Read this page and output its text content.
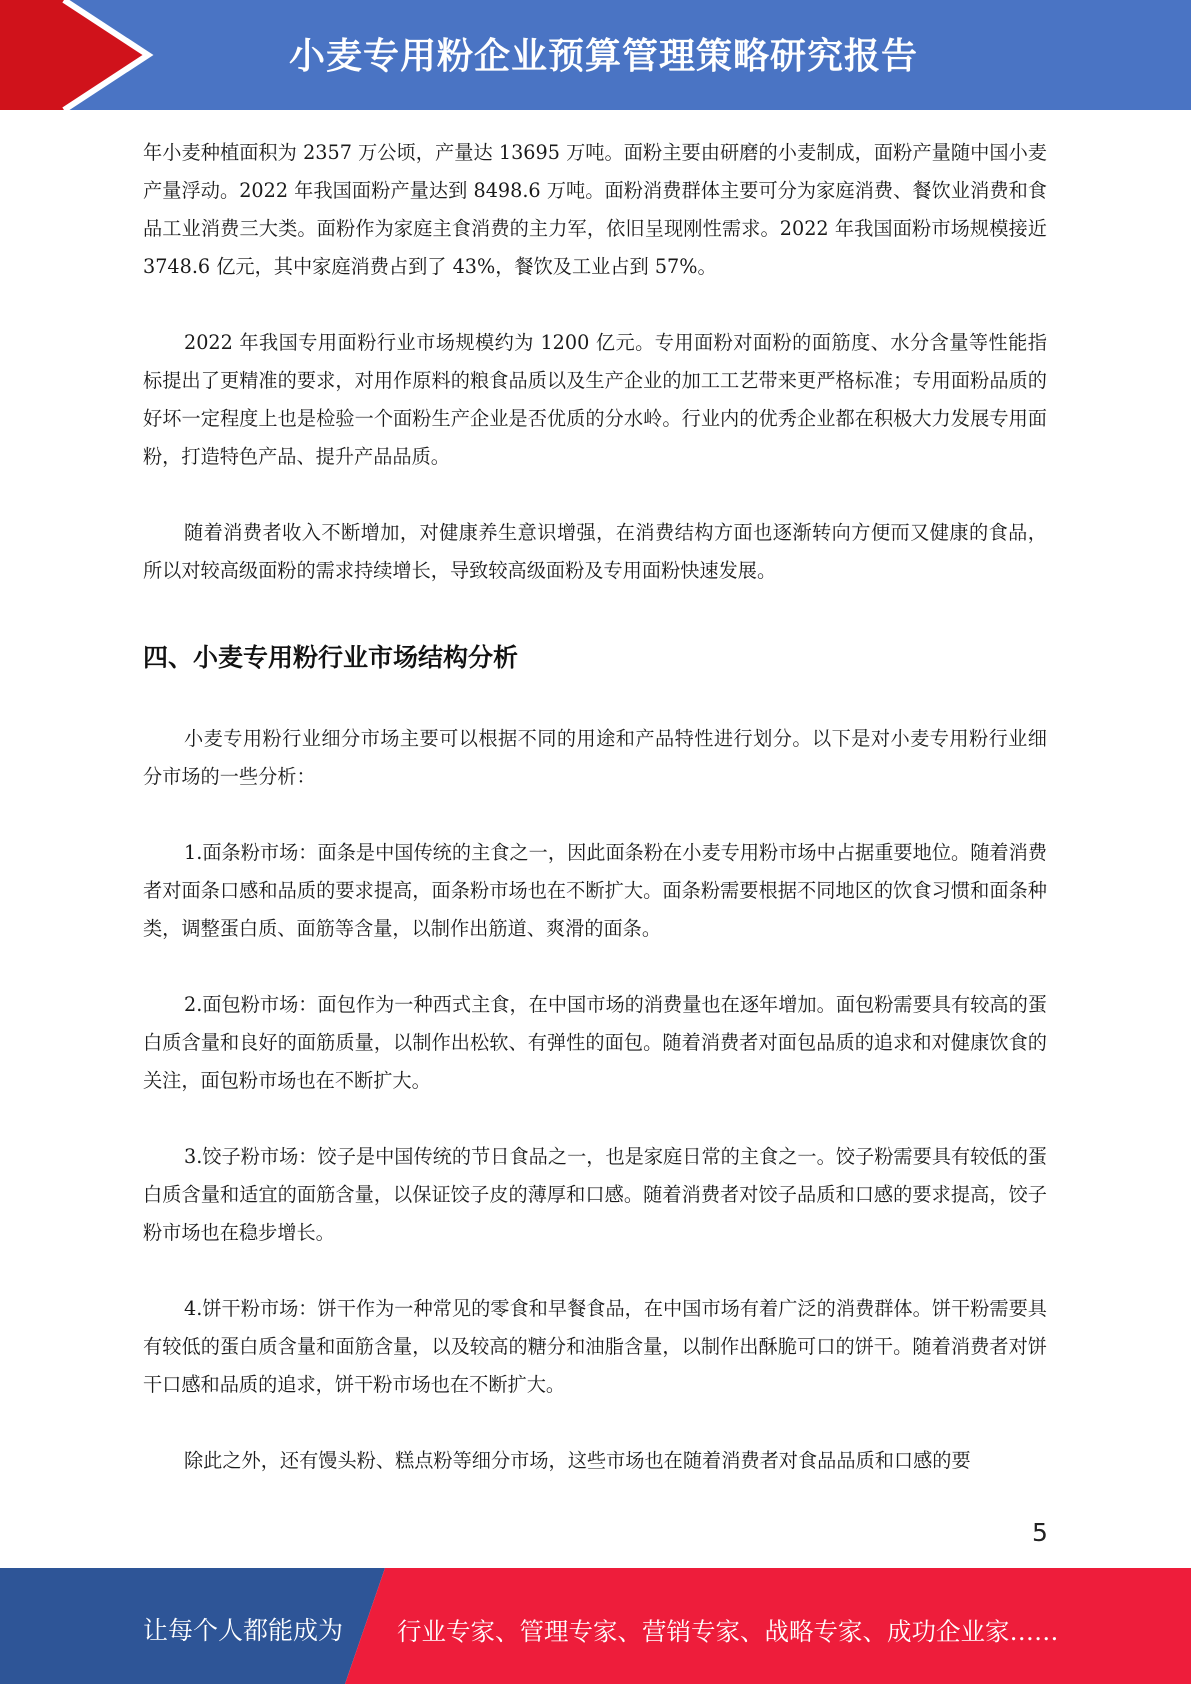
小麦专用粉企业预算管理策略研究报告

年小麦种植面积为 2357 万公顷，产量达 13695 万吨。面粉主要由研磨的小麦制成，面粉产量随中国小麦产量浮动。2022 年我国面粉产量达到 8498.6 万吨。面粉消费群体主要可分为家庭消费、餐饮业消费和食品工业消费三大类。面粉作为家庭主食消费的主力军，依旧呈现刚性需求。2022 年我国面粉市场规模接近 3748.6 亿元，其中家庭消费占到了 43%，餐饮及工业占到 57%。

2022 年我国专用面粉行业市场规模约为 1200 亿元。专用面粉对面粉的面筋度、水分含量等性能指标提出了更精准的要求，对用作原料的粮食品质以及生产企业的加工工艺带来更严格标准；专用面粉品质的好坏一定程度上也是检验一个面粉生产企业是否优质的分水岭。行业内的优秀企业都在积极大力发展专用面粉，打造特色产品、提升产品品质。

随着消费者收入不断增加，对健康养生意识增强，在消费结构方面也逐渐转向方便而又健康的食品，所以对较高级面粉的需求持续增长，导致较高级面粉及专用面粉快速发展。

四、小麦专用粉行业市场结构分析

小麦专用粉行业细分市场主要可以根据不同的用途和产品特性进行划分。以下是对小麦专用粉行业细分市场的一些分析：

1.面条粉市场：面条是中国传统的主食之一，因此面条粉在小麦专用粉市场中占据重要地位。随着消费者对面条口感和品质的要求提高，面条粉市场也在不断扩大。面条粉需要根据不同地区的饮食习惯和面条种类，调整蛋白质、面筋等含量，以制作出筋道、爽滑的面条。

2.面包粉市场：面包作为一种西式主食，在中国市场的消费量也在逐年增加。面包粉需要具有较高的蛋白质含量和良好的面筋质量，以制作出松软、有弹性的面包。随着消费者对面包品质的追求和对健康饮食的关注，面包粉市场也在不断扩大。

3.饺子粉市场：饺子是中国传统的节日食品之一，也是家庭日常的主食之一。饺子粉需要具有较低的蛋白质含量和适宜的面筋含量，以保证饺子皮的薄厚和口感。随着消费者对饺子品质和口感的要求提高，饺子粉市场也在稳步增长。

4.饼干粉市场：饼干作为一种常见的零食和早餐食品，在中国市场有着广泛的消费群体。饼干粉需要具有较低的蛋白质含量和面筋含量，以及较高的糖分和油脂含量，以制作出酥脆可口的饼干。随着消费者对饼干口感和品质的追求，饼干粉市场也在不断扩大。

除此之外，还有馒头粉、糕点粉等细分市场，这些市场也在随着消费者对食品品质和口感的要

5
让每个人都能成为 行业专家、管理专家、营销专家、战略专家、成功企业家……
